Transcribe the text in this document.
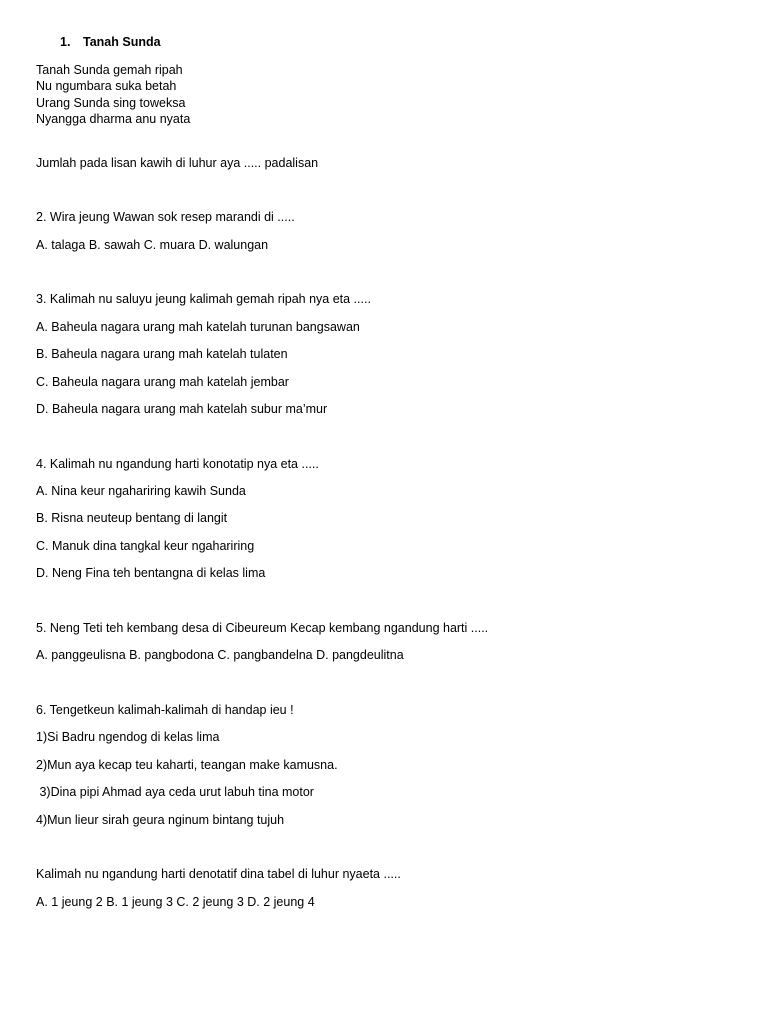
1. Tanah Sunda
Tanah Sunda gemah ripah
Nu ngumbara suka betah
Urang Sunda sing toweksa
Nyangga dharma anu nyata
Jumlah pada lisan kawih di luhur aya ..... padalisan
2. Wira jeung Wawan sok resep marandi di .....
A. talaga B. sawah C. muara D. walungan
3. Kalimah nu saluyu jeung kalimah gemah ripah nya eta .....
A. Baheula nagara urang mah katelah turunan bangsawan
B. Baheula nagara urang mah katelah tulaten
C. Baheula nagara urang mah katelah jembar
D. Baheula nagara urang mah katelah subur ma’mur
4. Kalimah nu ngandung harti konotatip nya eta .....
A. Nina keur ngahariring kawih Sunda
B. Risna neuteup bentang di langit
C. Manuk dina tangkal keur ngahariring
D. Neng Fina teh bentangna di kelas lima
5. Neng Teti teh kembang desa di Cibeureum Kecap kembang ngandung harti .....
A. panggeulisna B. pangbodona C. pangbandelna D. pangdeulitna
6. Tengetkeun kalimah-kalimah di handap ieu !
1)Si Badru ngendog di kelas lima
2)Mun aya kecap teu kaharti, teangan make kamusna.
3)Dina pipi Ahmad aya ceda urut labuh tina motor
4)Mun lieur sirah geura nginum bintang tujuh
Kalimah nu ngandung harti denotatif dina tabel di luhur nyaeta .....
A. 1 jeung 2 B. 1 jeung 3 C. 2 jeung 3 D. 2 jeung 4
